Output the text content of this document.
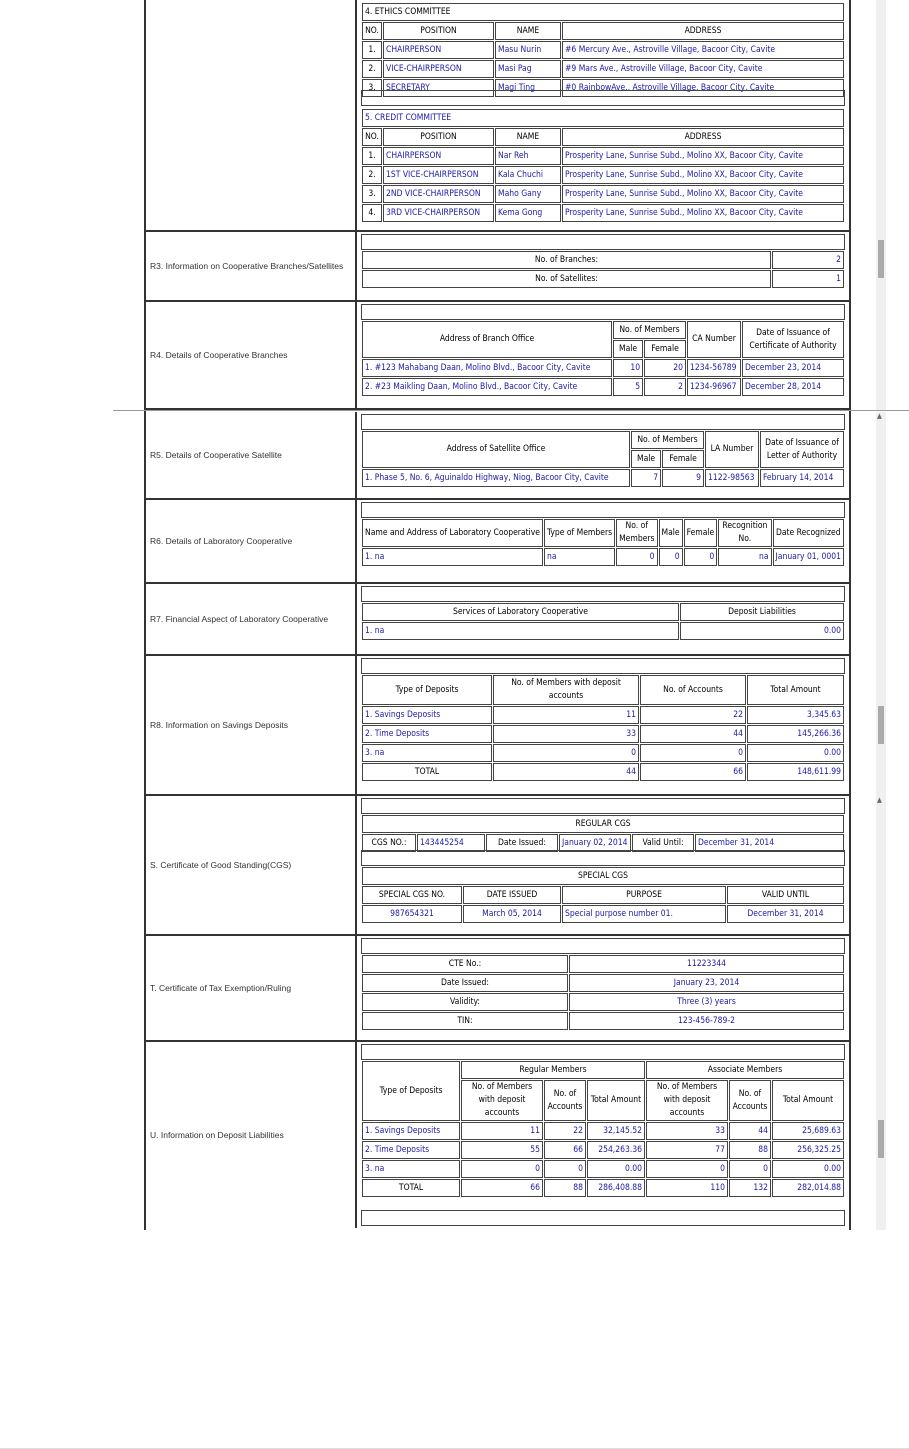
4. ETHICS COMMITTEE			
NO.	POSITION	NAME	ADDRESS
1.	CHAIRPERSON	Masu Nurin	#6 Mercury Ave., Astroville Village, Bacoor City, Cavite
2.	VICE-CHAIRPERSON	Masi Pag	#9 Mars Ave., Astroville Village, Bacoor City, Cavite
3.	SECRETARY	Magi Ting	#0 RainbowAve., Astroville Village, Bacoor City, Cavite
5. CREDIT COMMITTEE			
NO.	POSITION	NAME	ADDRESS
1.	CHAIRPERSON	Nar Reh	Prosperity Lane, Sunrise Subd., Molino XX, Bacoor City, Cavite
2.	1ST VICE-CHAIRPERSON	Kala Chuchi	Prosperity Lane, Sunrise Subd., Molino XX, Bacoor City, Cavite
3.	2ND VICE-CHAIRPERSON	Maho Gany	Prosperity Lane, Sunrise Subd., Molino XX, Bacoor City, Cavite
4.	3RD VICE-CHAIRPERSON	Kema Gong	Prosperity Lane, Sunrise Subd., Molino XX, Bacoor City, Cavite
R3. Information on Cooperative Branches/Satellites
No. of Branches:	2
No. of Satellites:	1
R4. Details of Cooperative Branches
Address of Branch Office	No. of Members		CA Number	Date of Issuance of Certificate of Authority
	Male	Female		
1. #123 Mahabang Daan, Molino Blvd., Bacoor City, Cavite	10	20	1234-56789	December 23, 2014
2. #23 Maikling Daan, Molino Blvd., Bacoor City, Cavite	5	2	1234-96967	December 28, 2014
R5. Details of Cooperative Satellite
Address of Satellite Office	No. of Members		LA Number	Date of Issuance of Letter of Authority
	Male	Female		
1. Phase 5, No. 6, Aguinaldo Highway, Niog, Bacoor City, Cavite	7	9	1122-98563	February 14, 2014
R6. Details of Laboratory Cooperative
Name and Address of Laboratory Cooperative	Type of Members	No. of Members	Male	Female	Recognition No.	Date Recognized
1. na	na	0	0	0	na	January 01, 0001
R7. Financial Aspect of Laboratory Cooperative
Services of Laboratory Cooperative	Deposit Liabilities
1. na	0.00
R8. Information on Savings Deposits
Type of Deposits	No. of Members with deposit accounts	No. of Accounts	Total Amount
1. Savings Deposits	11	22	3,345.63
2. Time Deposits	33	44	145,266.36
3. na	0	0	0.00
TOTAL	44	66	148,611.99
S. Certificate of Good Standing(CGS)
REGULAR CGS
CGS NO.:	143445254	Date Issued:	January 02, 2014	Valid Until:	December 31, 2014
SPECIAL CGS			
SPECIAL CGS NO.	DATE ISSUED	PURPOSE	VALID UNTIL
987654321	March 05, 2014	Special purpose number 01.	December 31, 2014
T. Certificate of Tax Exemption/Ruling
CTE No.:	11223344
Date Issued:	January 23, 2014
Validity:	Three (3) years
TIN:	123-456-789-2
U. Information on Deposit Liabilities
Type of Deposits	Regular Members			Associate Members		
	No. of Members with deposit accounts	No. of Accounts	Total Amount	No. of Members with deposit accounts	No. of Accounts	Total Amount
1. Savings Deposits	11	22	32,145.52	33	44	25,689.63
2. Time Deposits	55	66	254,263.36	77	88	256,325.25
3. na	0	0	0.00	0	0	0.00
TOTAL	66	88	286,408.88	110	132	282,014.88
▲
▲
